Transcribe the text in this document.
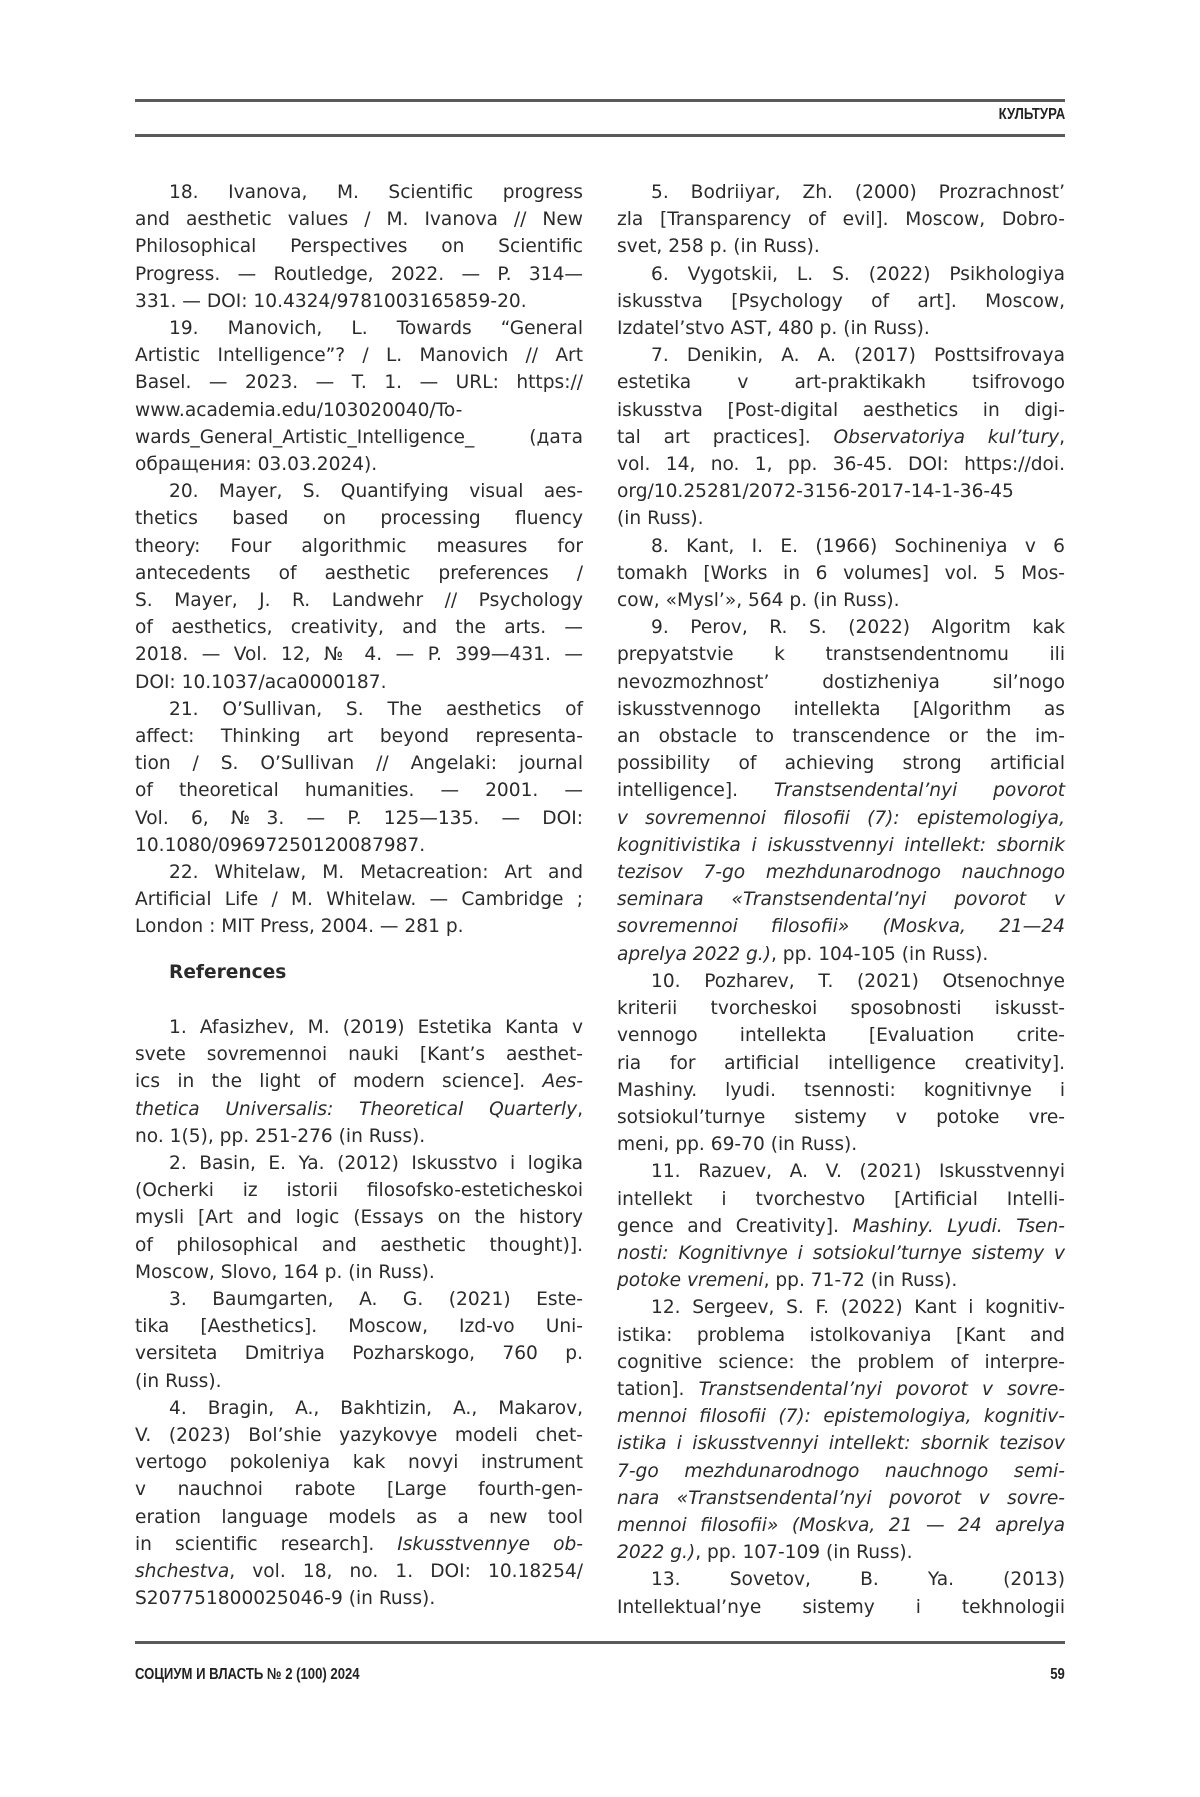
КУЛЬТУРА
18. Ivanova, M. Scientific progress
and aesthetic values / M. Ivanova // New
Philosophical Perspectives on Scientific
Progress. — Routledge, 2022. — P. 314—
331. — DOI: 10.4324/9781003165859-20.
19. Manovich, L. Towards “General
Artistic Intelligence”? / L. Manovich // Art
Basel. — 2023. — T. 1. — URL: https://
www.academia.edu/103020040/To-
wards_General_Artistic_Intelligence_ (дата
обращения: 03.03.2024).
20. Mayer, S. Quantifying visual aes-
thetics based on processing fluency
theory: Four algorithmic measures for
antecedents of aesthetic preferences /
S. Mayer, J. R. Landwehr // Psychology
of aesthetics, creativity, and the arts. —
2018. — Vol. 12, № 4. — P. 399—431. —
DOI: 10.1037/aca0000187.
21. O’Sullivan, S. The aesthetics of
affect: Thinking art beyond representa-
tion / S. O’Sullivan // Angelaki: journal
of theoretical humanities. — 2001. —
Vol. 6, №3. — P. 125—135. — DOI:
10.1080/09697250120087987.
22. Whitelaw, M. Metacreation: Art and
Artificial Life / M. Whitelaw. — Cambridge ;
London : MIT Press, 2004. — 281 p.
References
1. Afasizhev, M. (2019) Estetika Kanta v
svete sovremennoi nauki [Kant’s aesthet-
ics in the light of modern science]. Aes-
thetica Universalis: Theoretical Quarterly,
no. 1(5), pp. 251-276 (in Russ).
2. Basin, E. Ya. (2012) Iskusstvo i logika
(Ocherki iz istorii filosofsko-esteticheskoi
mysli [Art and logic (Essays on the history
of philosophical and aesthetic thought)].
Moscow, Slovo, 164 p. (in Russ).
3. Baumgarten, A. G. (2021) Este-
tika [Aesthetics]. Moscow, Izd-vo Uni-
versiteta Dmitriya Pozharskogo, 760 p.
(in Russ).
4. Bragin, A., Bakhtizin, A., Makarov,
V. (2023) Bol’shie yazykovye modeli chet-
vertogo pokoleniya kak novyi instrument
v nauchnoi rabote [Large fourth-gen-
eration language models as a new tool
in scientific research]. Iskusstvennye ob-
shchestva, vol. 18, no. 1. DOI: 10.18254/
S207751800025046-9 (in Russ).
5. Bodriiyar, Zh. (2000) Prozrachnost’
zla [Transparency of evil]. Moscow, Dobro-
svet, 258 p. (in Russ).
6. Vygotskii, L. S. (2022) Psikhologiya
iskusstva [Psychology of art]. Moscow,
Izdatel’stvo AST, 480 p. (in Russ).
7. Denikin, A. A. (2017) Posttsifrovaya
estetika v art-praktikakh tsifrovogo
iskusstva [Post-digital aesthetics in digi-
tal art practices]. Observatoriya kul’tury,
vol. 14, no. 1, pp. 36-45. DOI: https://doi.
org/10.25281/2072-3156-2017-14-1-36-45
(in Russ).
8. Kant, I. E. (1966) Sochineniya v 6
tomakh [Works in 6 volumes] vol. 5 Mos-
cow, «Mysl’», 564 p. (in Russ).
9. Perov, R. S. (2022) Algoritm kak
prepyatstvie k transtsendentnomu ili
nevozmozhnost’ dostizheniya sil’nogo
iskusstvennogo intellekta [Algorithm as
an obstacle to transcendence or the im-
possibility of achieving strong artificial
intelligence]. Transtsendental’nyi povorot
v sovremennoi filosofii (7): epistemologiya,
kognitivistika i iskusstvennyi intellekt: sbornik
tezisov 7-go mezhdunarodnogo nauchnogo
seminara «Transtsendental’nyi povorot v
sovremennoi filosofii» (Moskva, 21—24
aprelya 2022 g.), pp. 104-105 (in Russ).
10. Pozharev, T. (2021) Otsenochnye
kriterii tvorcheskoi sposobnosti iskusst-
vennogo intellekta [Evaluation crite-
ria for artificial intelligence creativity].
Mashiny. lyudi. tsennosti: kognitivnye i
sotsiokul’turnye sistemy v potoke vre-
meni, pp. 69-70 (in Russ).
11. Razuev, A. V. (2021) Iskusstvennyi
intellekt i tvorchestvo [Artificial Intelli-
gence and Creativity]. Mashiny. Lyudi. Tsen-
nosti: Kognitivnye i sotsiokul’turnye sistemy v
potoke vremeni, pp. 71-72 (in Russ).
12. Sergeev, S. F. (2022) Kant i kognitiv-
istika: problema istolkovaniya [Kant and
cognitive science: the problem of interpre-
tation]. Transtsendental’nyi povorot v sovre-
mennoi filosofii (7): epistemologiya, kognitiv-
istika i iskusstvennyi intellekt: sbornik tezisov
7-go mezhdunarodnogo nauchnogo semi-
nara «Transtsendental’nyi povorot v sovre-
mennoi filosofii» (Moskva, 21 — 24 aprelya
2022 g.), pp. 107-109 (in Russ).
13. Sovetov, B. Ya. (2013)
Intellektual’nye sistemy i tekhnologii
СОЦИУМ И ВЛАСТЬ № 2 (100) 2024	59
